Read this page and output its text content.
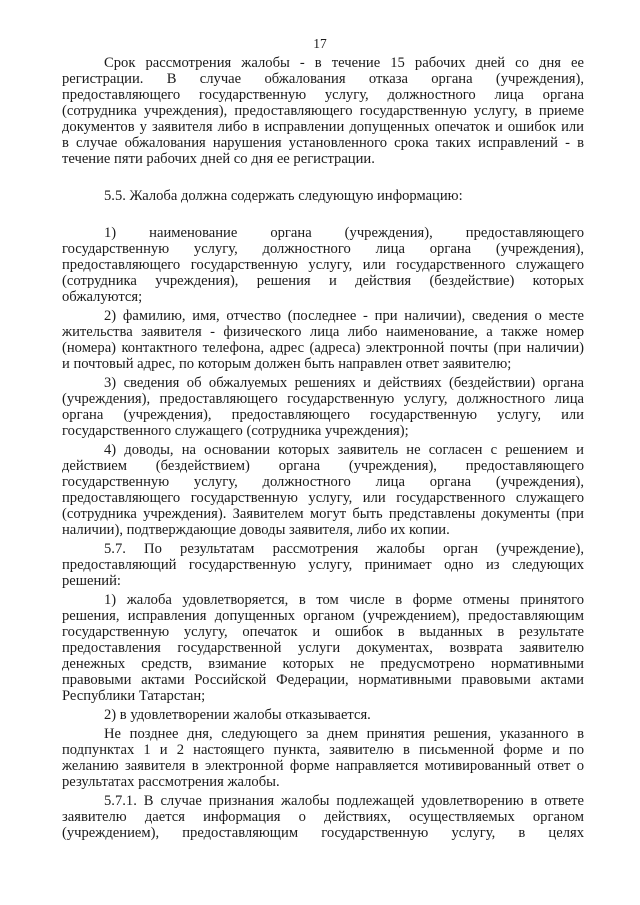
17
Срок рассмотрения жалобы - в течение 15 рабочих дней со дня ее
регистрации. В случае обжалования отказа органа (учреждения),
предоставляющего государственную услугу, должностного лица органа
(сотрудника учреждения), предоставляющего государственную услугу, в приеме
документов у заявителя либо в исправлении допущенных опечаток и ошибок или
в случае обжалования нарушения установленного срока таких исправлений - в
течение пяти рабочих дней со дня ее регистрации.
5.5. Жалоба должна содержать следующую информацию:
1) наименование органа (учреждения), предоставляющего
государственную услугу, должностного лица органа (учреждения),
предоставляющего государственную услугу, или государственного служащего
(сотрудника учреждения), решения и действия (бездействие) которых
обжалуются;
2) фамилию, имя, отчество (последнее - при наличии), сведения о месте
жительства заявителя - физического лица либо наименование, а также номер
(номера) контактного телефона, адрес (адреса) электронной почты (при наличии)
и почтовый адрес, по которым должен быть направлен ответ заявителю;
3) сведения об обжалуемых решениях и действиях (бездействии) органа
(учреждения), предоставляющего государственную услугу, должностного лица
органа (учреждения), предоставляющего государственную услугу, или
государственного служащего (сотрудника учреждения);
4) доводы, на основании которых заявитель не согласен с решением и
действием (бездействием) органа (учреждения), предоставляющего
государственную услугу, должностного лица органа (учреждения),
предоставляющего государственную услугу, или государственного служащего
(сотрудника учреждения). Заявителем могут быть представлены документы (при
наличии), подтверждающие доводы заявителя, либо их копии.
5.7. По результатам рассмотрения жалобы орган (учреждение),
предоставляющий государственную услугу, принимает одно из следующих
решений:
1) жалоба удовлетворяется, в том числе в форме отмены принятого
решения, исправления допущенных органом (учреждением), предоставляющим
государственную услугу, опечаток и ошибок в выданных в результате
предоставления государственной услуги документах, возврата заявителю
денежных средств, взимание которых не предусмотрено нормативными
правовыми актами Российской Федерации, нормативными правовыми актами
Республики Татарстан;
2) в удовлетворении жалобы отказывается.
Не позднее дня, следующего за днем принятия решения, указанного в
подпунктах 1 и 2 настоящего пункта, заявителю в письменной форме и по
желанию заявителя в электронной форме направляется мотивированный ответ о
результатах рассмотрения жалобы.
5.7.1. В случае признания жалобы подлежащей удовлетворению в ответе
заявителю дается информация о действиях, осуществляемых органом
(учреждением), предоставляющим государственную услугу, в целях
